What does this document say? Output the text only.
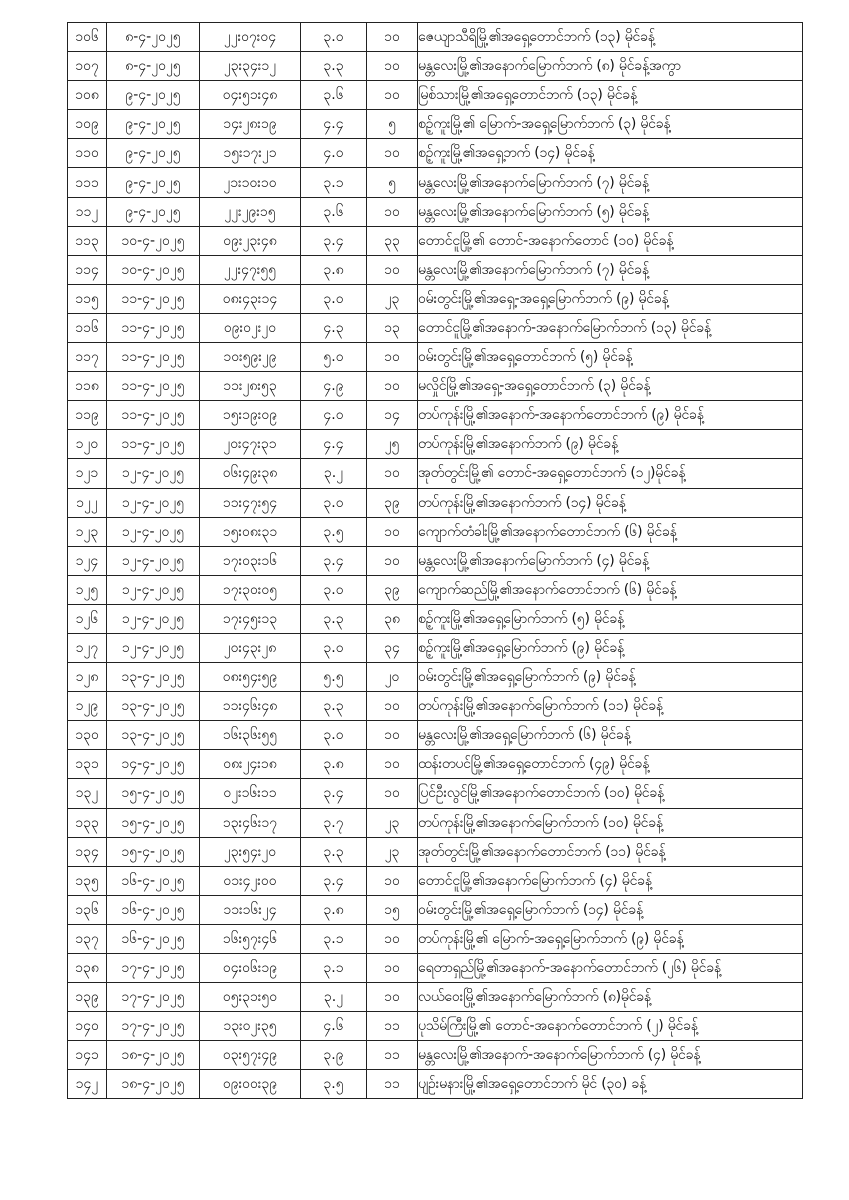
၁၀၆	၈-၄-၂၀၂၅	၂၂း၀၇း၀၄	၃.၀	၁၀	ဇေယျာသီရိမြို့၏အရှေ့တောင်ဘက် (၁၃) မိုင်ခန့်
၁၀၇	၈-၄-၂၀၂၅	၂၃း၃၄း၁၂	၃.၃	၁၀	မန္တလေးမြို့၏အနောက်မြောက်ဘက် (၈) မိုင်ခန့်အကွာ
၁၀၈	၉-၄-၂၀၂၅	၀၄း၅၁း၄၈	၃.၆	၁၀	မြစ်သားမြို့၏အရှေ့တောင်ဘက် (၁၃) မိုင်ခန့်
၁၀၉	၉-၄-၂၀၂၅	၁၄း၂၈း၁၉	၄.၄	၅	စဉ့်ကူးမြို့၏ မြောက်-အရှေ့မြောက်ဘက် (၃) မိုင်ခန့်
၁၁၀	၉-၄-၂၀၂၅	၁၅း၁၇း၂၁	၄.၀	၁၀	စဉ့်ကူးမြို့၏အရှေ့ဘက် (၁၄) မိုင်ခန့်
၁၁၁	၉-၄-၂၀၂၅	၂၁း၁၀း၁၀	၃.၁	၅	မန္တလေးမြို့၏အနောက်မြောက်ဘက် (၇) မိုင်ခန့်
၁၁၂	၉-၄-၂၀၂၅	၂၂း၂၉း၁၅	၃.၆	၁၀	မန္တလေးမြို့၏အနောက်မြောက်ဘက် (၅) မိုင်ခန့်
၁၁၃	၁၀-၄-၂၀၂၅	၀၉း၂၃း၄၈	၃.၄	၃၃	တောင်ငူမြို့၏ တောင်-အနောက်တောင် (၁၀) မိုင်ခန့်
၁၁၄	၁၀-၄-၂၀၂၅	၂၂း၄၇း၅၅	၃.၈	၁၀	မန္တလေးမြို့၏အနောက်မြောက်ဘက် (၇) မိုင်ခန့်
၁၁၅	၁၁-၄-၂၀၂၅	၀၈း၄၃း၁၄	၃.၀	၂၃	ဝမ်းတွင်းမြို့၏အရှေ့-အရှေ့မြောက်ဘက် (၉) မိုင်ခန့်
၁၁၆	၁၁-၄-၂၀၂၅	၀၉း၀၂း၂၀	၄.၃	၁၃	တောင်ငူမြို့၏အနောက်-အနောက်မြောက်ဘက် (၁၃) မိုင်ခန့်
၁၁၇	၁၁-၄-၂၀၂၅	၁၀း၅၉း၂၉	၅.၀	၁၀	ဝမ်းတွင်းမြို့၏အရှေ့တောင်ဘက် (၅) မိုင်ခန့်
၁၁၈	၁၁-၄-၂၀၂၅	၁၁း၂၈း၅၃	၄.၉	၁၀	မလှိုင်မြို့၏အရှေ့-အရှေ့တောင်ဘက် (၃) မိုင်ခန့်
၁၁၉	၁၁-၄-၂၀၂၅	၁၅း၁၉း၀၉	၄.၀	၁၄	တပ်ကုန်းမြို့၏အနောက်-အနောက်တောင်ဘက် (၉) မိုင်ခန့်
၁၂၀	၁၁-၄-၂၀၂၅	၂၀း၄၇း၃၁	၄.၄	၂၅	တပ်ကုန်းမြို့၏အနောက်ဘက် (၉) မိုင်ခန့်
၁၂၁	၁၂-၄-၂၀၂၅	၀၆း၄၉း၃၈	၃.၂	၁၀	အုတ်တွင်းမြို့၏ တောင်-အရှေ့တောင်ဘက် (၁၂)မိုင်ခန့်
၁၂၂	၁၂-၄-၂၀၂၅	၁၁း၄၇း၅၄	၃.၀	၃၉	တပ်ကုန်းမြို့၏အနောက်ဘက် (၁၄) မိုင်ခန့်
၁၂၃	၁၂-၄-၂၀၂၅	၁၅း၀၈း၃၁	၃.၅	၁၀	ကျောက်တံခါးမြို့၏အနောက်တောင်ဘက် (၆) မိုင်ခန့်
၁၂၄	၁၂-၄-၂၀၂၅	၁၇း၀၃း၁၆	၃.၄	၁၀	မန္တလေးမြို့၏အနောက်မြောက်ဘက် (၄) မိုင်ခန့်
၁၂၅	၁၂-၄-၂၀၂၅	၁၇း၃၀း၀၅	၃.၀	၃၉	ကျောက်ဆည်မြို့၏အနောက်တောင်ဘက် (၆) မိုင်ခန့်
၁၂၆	၁၂-၄-၂၀၂၅	၁၇း၄၅း၁၃	၃.၃	၃၈	စဉ့်ကူးမြို့၏အရှေ့မြောက်ဘက် (၅) မိုင်ခန့်
၁၂၇	၁၂-၄-၂၀၂၅	၂၀း၄၃း၂၈	၃.၀	၃၄	စဉ့်ကူးမြို့၏အရှေ့မြောက်ဘက် (၉) မိုင်ခန့်
၁၂၈	၁၃-၄-၂၀၂၅	၀၈း၅၄း၅၉	၅.၅	၂၀	ဝမ်းတွင်းမြို့၏အရှေ့မြောက်ဘက် (၉) မိုင်ခန့်
၁၂၉	၁၃-၄-၂၀၂၅	၁၁း၄၆း၄၈	၃.၃	၁၀	တပ်ကုန်းမြို့၏အနောက်မြောက်ဘက် (၁၁) မိုင်ခန့်
၁၃၀	၁၃-၄-၂၀၂၅	၁၆း၃၆း၅၅	၃.၀	၁၀	မန္တလေးမြို့၏အရှေ့မြောက်ဘက် (၆) မိုင်ခန့်
၁၃၁	၁၄-၄-၂၀၂၅	၀၈း၂၄း၁၈	၃.၈	၁၀	ထန်းတပင်မြို့၏အရှေ့တောင်ဘက် (၄၉) မိုင်ခန့်
၁၃၂	၁၅-၄-၂၀၂၅	၀၂း၁၆း၁၁	၃.၄	၁၀	ပြင်ဦးလွင်မြို့၏အနောက်တောင်ဘက် (၁၀) မိုင်ခန့်
၁၃၃	၁၅-၄-၂၀၂၅	၁၃း၄၆း၁၇	၃.၇	၂၃	တပ်ကုန်းမြို့၏အနောက်မြောက်ဘက် (၁၀) မိုင်ခန့်
၁၃၄	၁၅-၄-၂၀၂၅	၂၃း၅၄း၂၀	၃.၃	၂၃	အုတ်တွင်းမြို့၏အနောက်တောင်ဘက် (၁၁) မိုင်ခန့်
၁၃၅	၁၆-၄-၂၀၂၅	၀၁း၄၂း၀၀	၃.၄	၁၀	တောင်ငူမြို့၏အနောက်မြောက်ဘက် (၄) မိုင်ခန့်
၁၃၆	၁၆-၄-၂၀၂၅	၁၁း၁၆း၂၄	၃.၈	၁၅	ဝမ်းတွင်းမြို့၏အရှေ့မြောက်ဘက် (၁၄) မိုင်ခန့်
၁၃၇	၁၆-၄-၂၀၂၅	၁၆း၅၇း၄၆	၃.၁	၁၀	တပ်ကုန်းမြို့၏ မြောက်-အရှေ့မြောက်ဘက် (၉) မိုင်ခန့်
၁၃၈	၁၇-၄-၂၀၂၅	၀၄း၀၆း၁၉	၃.၁	၁၀	ရေတာရှည်မြို့၏အနောက်-အနောက်တောင်ဘက် (၂၆) မိုင်ခန့်
၁၃၉	၁၇-၄-၂၀၂၅	၀၅း၃၁း၅၀	၃.၂	၁၀	လယ်ဝေးမြို့၏အနောက်မြောက်ဘက် (၈)မိုင်ခန့်
၁၄၀	၁၇-၄-၂၀၂၅	၁၃း၀၂း၃၅	၄.၆	၁၁	ပုသိမ်ကြီးမြို့၏ တောင်-အနောက်တောင်ဘက် (၂) မိုင်ခန့်
၁၄၁	၁၈-၄-၂၀၂၅	၀၃း၅၇း၄၉	၃.၉	၁၁	မန္တလေးမြို့၏အနောက်-အနောက်မြောက်ဘက် (၄) မိုင်ခန့်
၁၄၂	၁၈-၄-၂၀၂၅	၀၉း၀၀း၃၉	၃.၅	၁၁	ပျဉ်းမနားမြို့၏အရှေ့တောင်ဘက် မိုင် (၃၀) ခန့်
